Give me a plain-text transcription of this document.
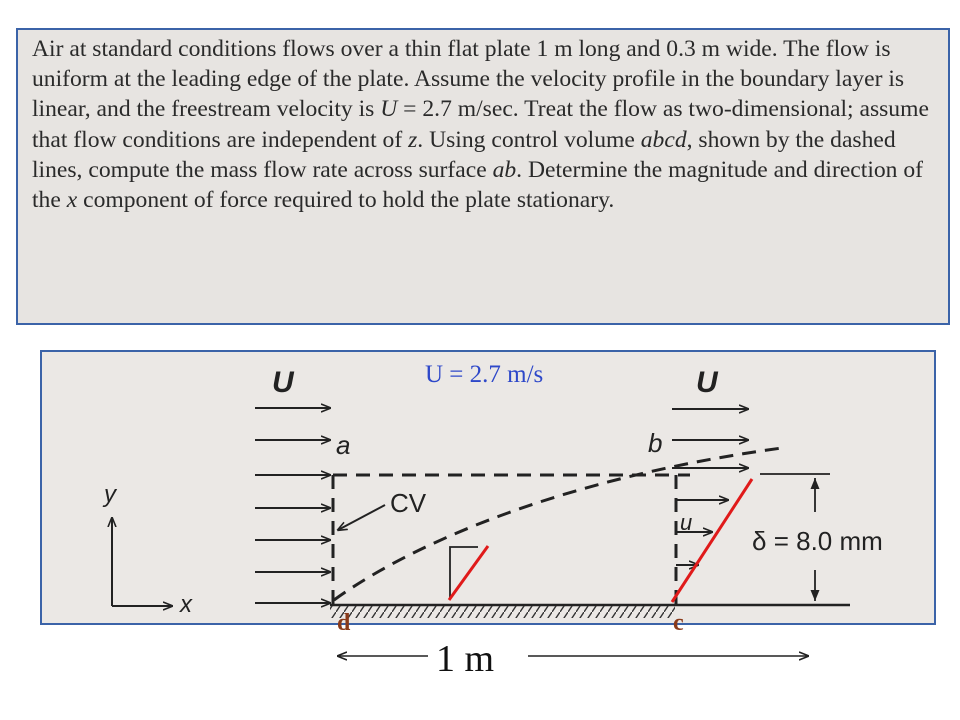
Air at standard conditions flows over a thin flat plate 1 m long and 0.3 m wide. The flow is uniform at the leading edge of the plate. Assume the velocity profile in the boundary layer is linear, and the freestream velocity is U = 2.7 m/sec. Treat the flow as two-dimensional; assume that flow conditions are independent of z. Using control volume abcd, shown by the dashed lines, compute the mass flow rate across surface ab. Determine the magnitude and direction of the x component of force required to hold the plate stationary.

U = 2.7 m/s
U	U
a	b
CV
u
y
x
δ = 8.0 mm
d	c
1 m
